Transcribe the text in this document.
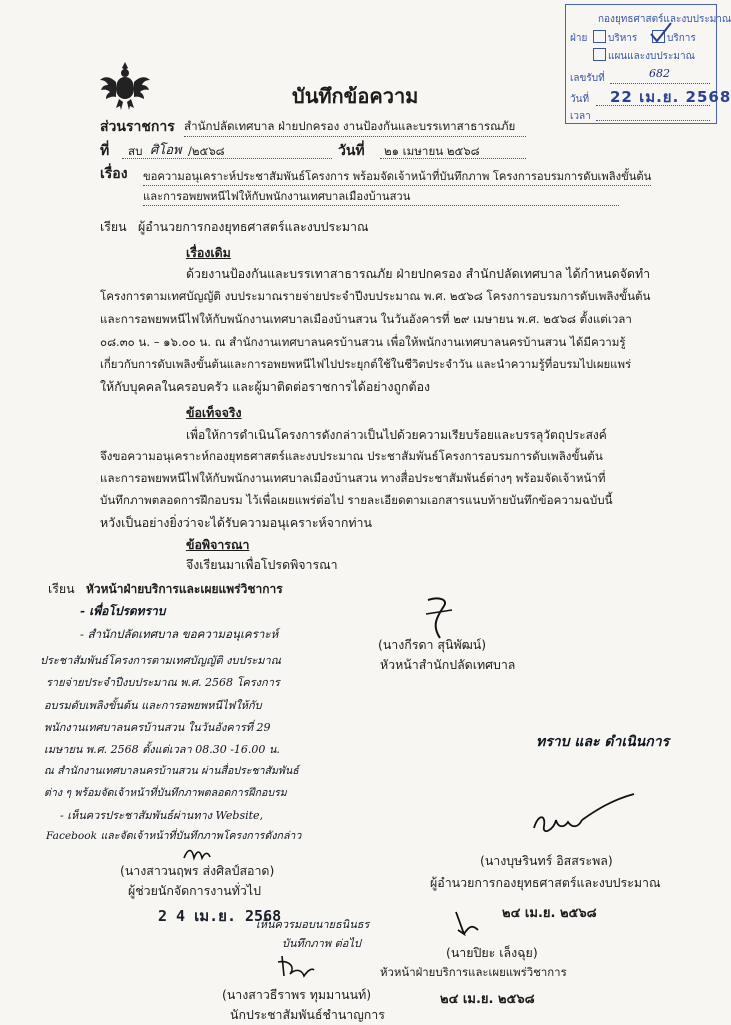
บันทึกข้อความ
กองยุทธศาสตร์และงบประมาณ
ฝ่าย บริหาร	บริการ
แผนและงบประมาณ
เลขรับที่	682
วันที่ 22 เม.ย. 2568
เวลา
ส่วนราชการ สำนักปลัดเทศบาล ฝ่ายปกครอง งานป้องกันและบรรเทาสาธารณภัย
ที่ สบ ศิโอพ /๒๕๖๘	วันที่ ๒๑ เมษายน ๒๕๖๘
เรื่อง ขอความอนุเคราะห์ประชาสัมพันธ์โครงการ พร้อมจัดเจ้าหน้าที่บันทึกภาพ โครงการอบรมการดับเพลิงขั้นต้น
และการอพยพหนีไฟให้กับพนักงานเทศบาลเมืองบ้านสวน
เรียน ผู้อำนวยการกองยุทธศาสตร์และงบประมาณ
เรื่องเดิม
ด้วยงานป้องกันและบรรเทาสาธารณภัย ฝ่ายปกครอง สำนักปลัดเทศบาล ได้กำหนดจัดทำ
โครงการตามเทศบัญญัติ งบประมาณรายจ่ายประจำปีงบประมาณ พ.ศ. ๒๕๖๘ โครงการอบรมการดับเพลิงขั้นต้น
และการอพยพหนีไฟให้กับพนักงานเทศบาลเมืองบ้านสวน ในวันอังคารที่ ๒๙ เมษายน พ.ศ. ๒๕๖๘ ตั้งแต่เวลา
๐๘.๓๐ น. – ๑๖.๐๐ น. ณ สำนักงานเทศบาลนครบ้านสวน เพื่อให้พนักงานเทศบาลนครบ้านสวน ได้มีความรู้
เกี่ยวกับการดับเพลิงขั้นต้นและการอพยพหนีไฟไปประยุกต์ใช้ในชีวิตประจำวัน และนำความรู้ที่อบรมไปเผยแพร่
ให้กับบุคคลในครอบครัว และผู้มาติดต่อราชการได้อย่างถูกต้อง
ข้อเท็จจริง
เพื่อให้การดำเนินโครงการดังกล่าวเป็นไปด้วยความเรียบร้อยและบรรลุวัตถุประสงค์
จึงขอความอนุเคราะห์กองยุทธศาสตร์และงบประมาณ ประชาสัมพันธ์โครงการอบรมการดับเพลิงขั้นต้น
และการอพยพหนีไฟให้กับพนักงานเทศบาลเมืองบ้านสวน ทางสื่อประชาสัมพันธ์ต่างๆ พร้อมจัดเจ้าหน้าที่
บันทึกภาพตลอดการฝึกอบรม ไว้เพื่อเผยแพร่ต่อไป รายละเอียดตามเอกสารแนบท้ายบันทึกข้อความฉบับนี้
หวังเป็นอย่างยิ่งว่าจะได้รับความอนุเคราะห์จากท่าน
ข้อพิจารณา
จึงเรียนมาเพื่อโปรดพิจารณา
(นางกีรดา สุนิพัฒน์)
หัวหน้าสำนักปลัดเทศบาล
เรียน หัวหน้าฝ่ายบริการและเผยแพร่วิชาการ
- เพื่อโปรดทราบ
- สำนักปลัดเทศบาล ขอความอนุเคราะห์
ประชาสัมพันธ์โครงการตามเทศบัญญัติ งบประมาณ
รายจ่ายประจำปีงบประมาณ พ.ศ. 2568 โครงการ
อบรมดับเพลิงขั้นต้น และการอพยพหนีไฟให้กับ
พนักงานเทศบาลนครบ้านสวน ในวันอังคารที่ 29
เมษายน พ.ศ. 2568 ตั้งแต่เวลา 08.30 -16.00 น.
ณ สำนักงานเทศบาลนครบ้านสวน ผ่านสื่อประชาสัมพันธ์
ต่าง ๆ พร้อมจัดเจ้าหน้าที่บันทึกภาพตลอดการฝึกอบรม
- เห็นควรประชาสัมพันธ์ผ่านทาง Website,
Facebook และจัดเจ้าหน้าที่บันทึกภาพโครงการดังกล่าว
(นางสาวนฤพร ส่งศิลป์สอาด)
ผู้ช่วยนักจัดการงานทั่วไป
2 4 เม.ย. 2568
เห็นควรมอบนายธนินธร
บันทึกภาพ ต่อไป
(นางสาวธีราพร ทุมมานนท์)
นักประชาสัมพันธ์ชำนาญการ
ทราบ และ ดำเนินการ
(นางบุษรินทร์ อิสสระพล)
ผู้อำนวยการกองยุทธศาสตร์และงบประมาณ
๒๔ เม.ย. ๒๕๖๘
(นายปิยะ เล็งฉุย)
หัวหน้าฝ่ายบริการและเผยแพร่วิชาการ
๒๔ เม.ย. ๒๕๖๘
